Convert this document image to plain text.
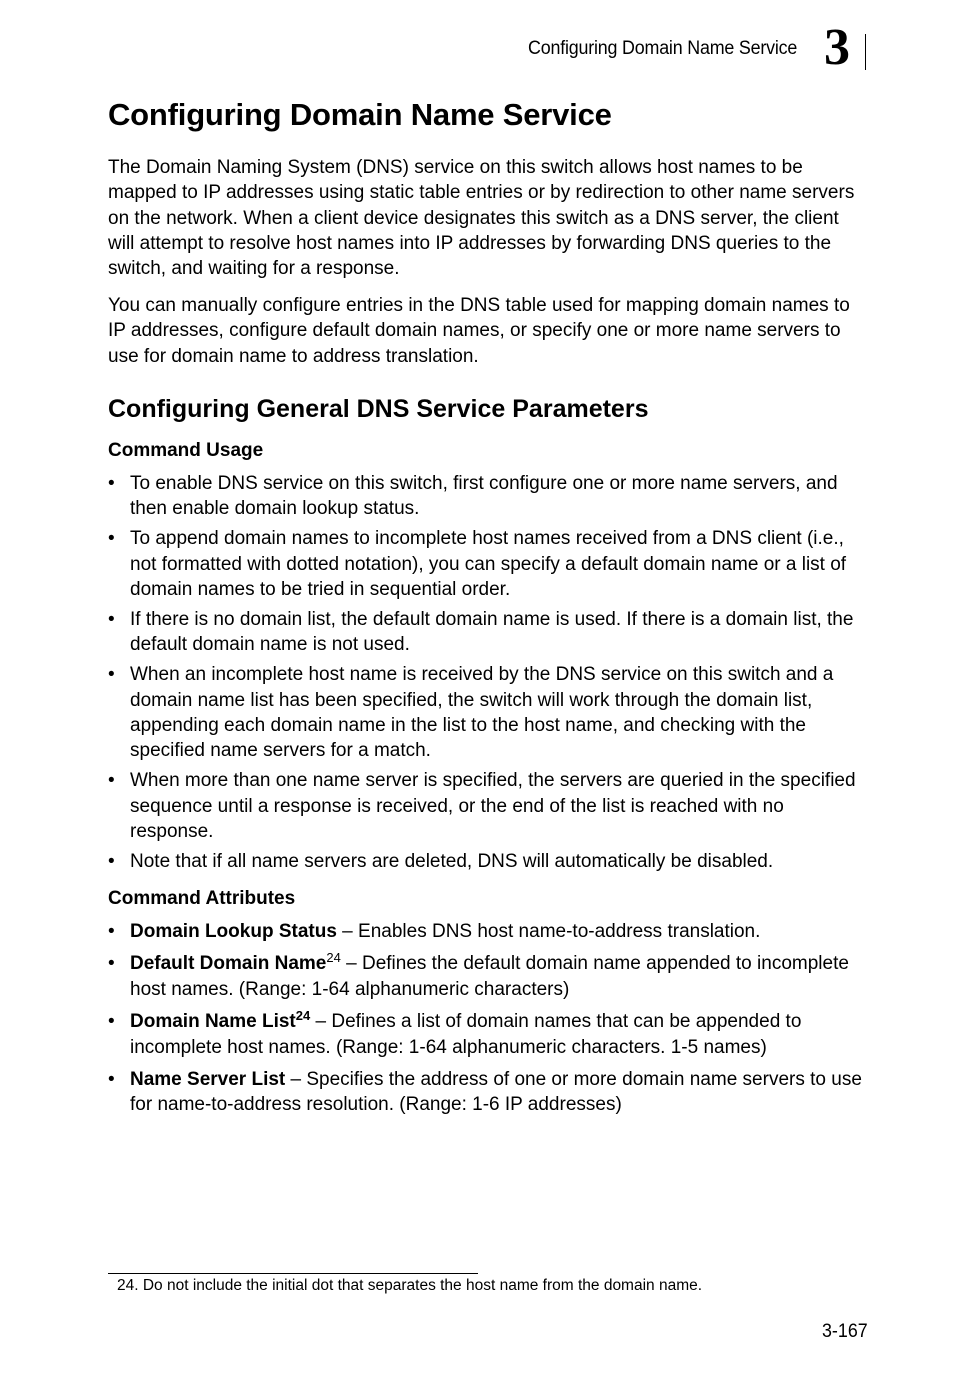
Configuring Domain Name Service 3
Configuring Domain Name Service

The Domain Naming System (DNS) service on this switch allows host names to be mapped to IP addresses using static table entries or by redirection to other name servers on the network. When a client device designates this switch as a DNS server, the client will attempt to resolve host names into IP addresses by forwarding DNS queries to the switch, and waiting for a response.

You can manually configure entries in the DNS table used for mapping domain names to IP addresses, configure default domain names, or specify one or more name servers to use for domain name to address translation.

Configuring General DNS Service Parameters
Command Usage
• To enable DNS service on this switch, first configure one or more name servers, and then enable domain lookup status.
• To append domain names to incomplete host names received from a DNS client (i.e., not formatted with dotted notation), you can specify a default domain name or a list of domain names to be tried in sequential order.
• If there is no domain list, the default domain name is used. If there is a domain list, the default domain name is not used.
• When an incomplete host name is received by the DNS service on this switch and a domain name list has been specified, the switch will work through the domain list, appending each domain name in the list to the host name, and checking with the specified name servers for a match.
• When more than one name server is specified, the servers are queried in the specified sequence until a response is received, or the end of the list is reached with no response.
• Note that if all name servers are deleted, DNS will automatically be disabled.
Command Attributes
• Domain Lookup Status – Enables DNS host name-to-address translation.
• Default Domain Name$^{24}$ – Defines the default domain name appended to incomplete host names. (Range: 1-64 alphanumeric characters)
• Domain Name List$^{24}$ – Defines a list of domain names that can be appended to incomplete host names. (Range: 1-64 alphanumeric characters. 1-5 names)
• Name Server List – Specifies the address of one or more domain name servers to use for name-to-address resolution. (Range: 1-6 IP addresses)

24. Do not include the initial dot that separates the host name from the domain name.

3-167
